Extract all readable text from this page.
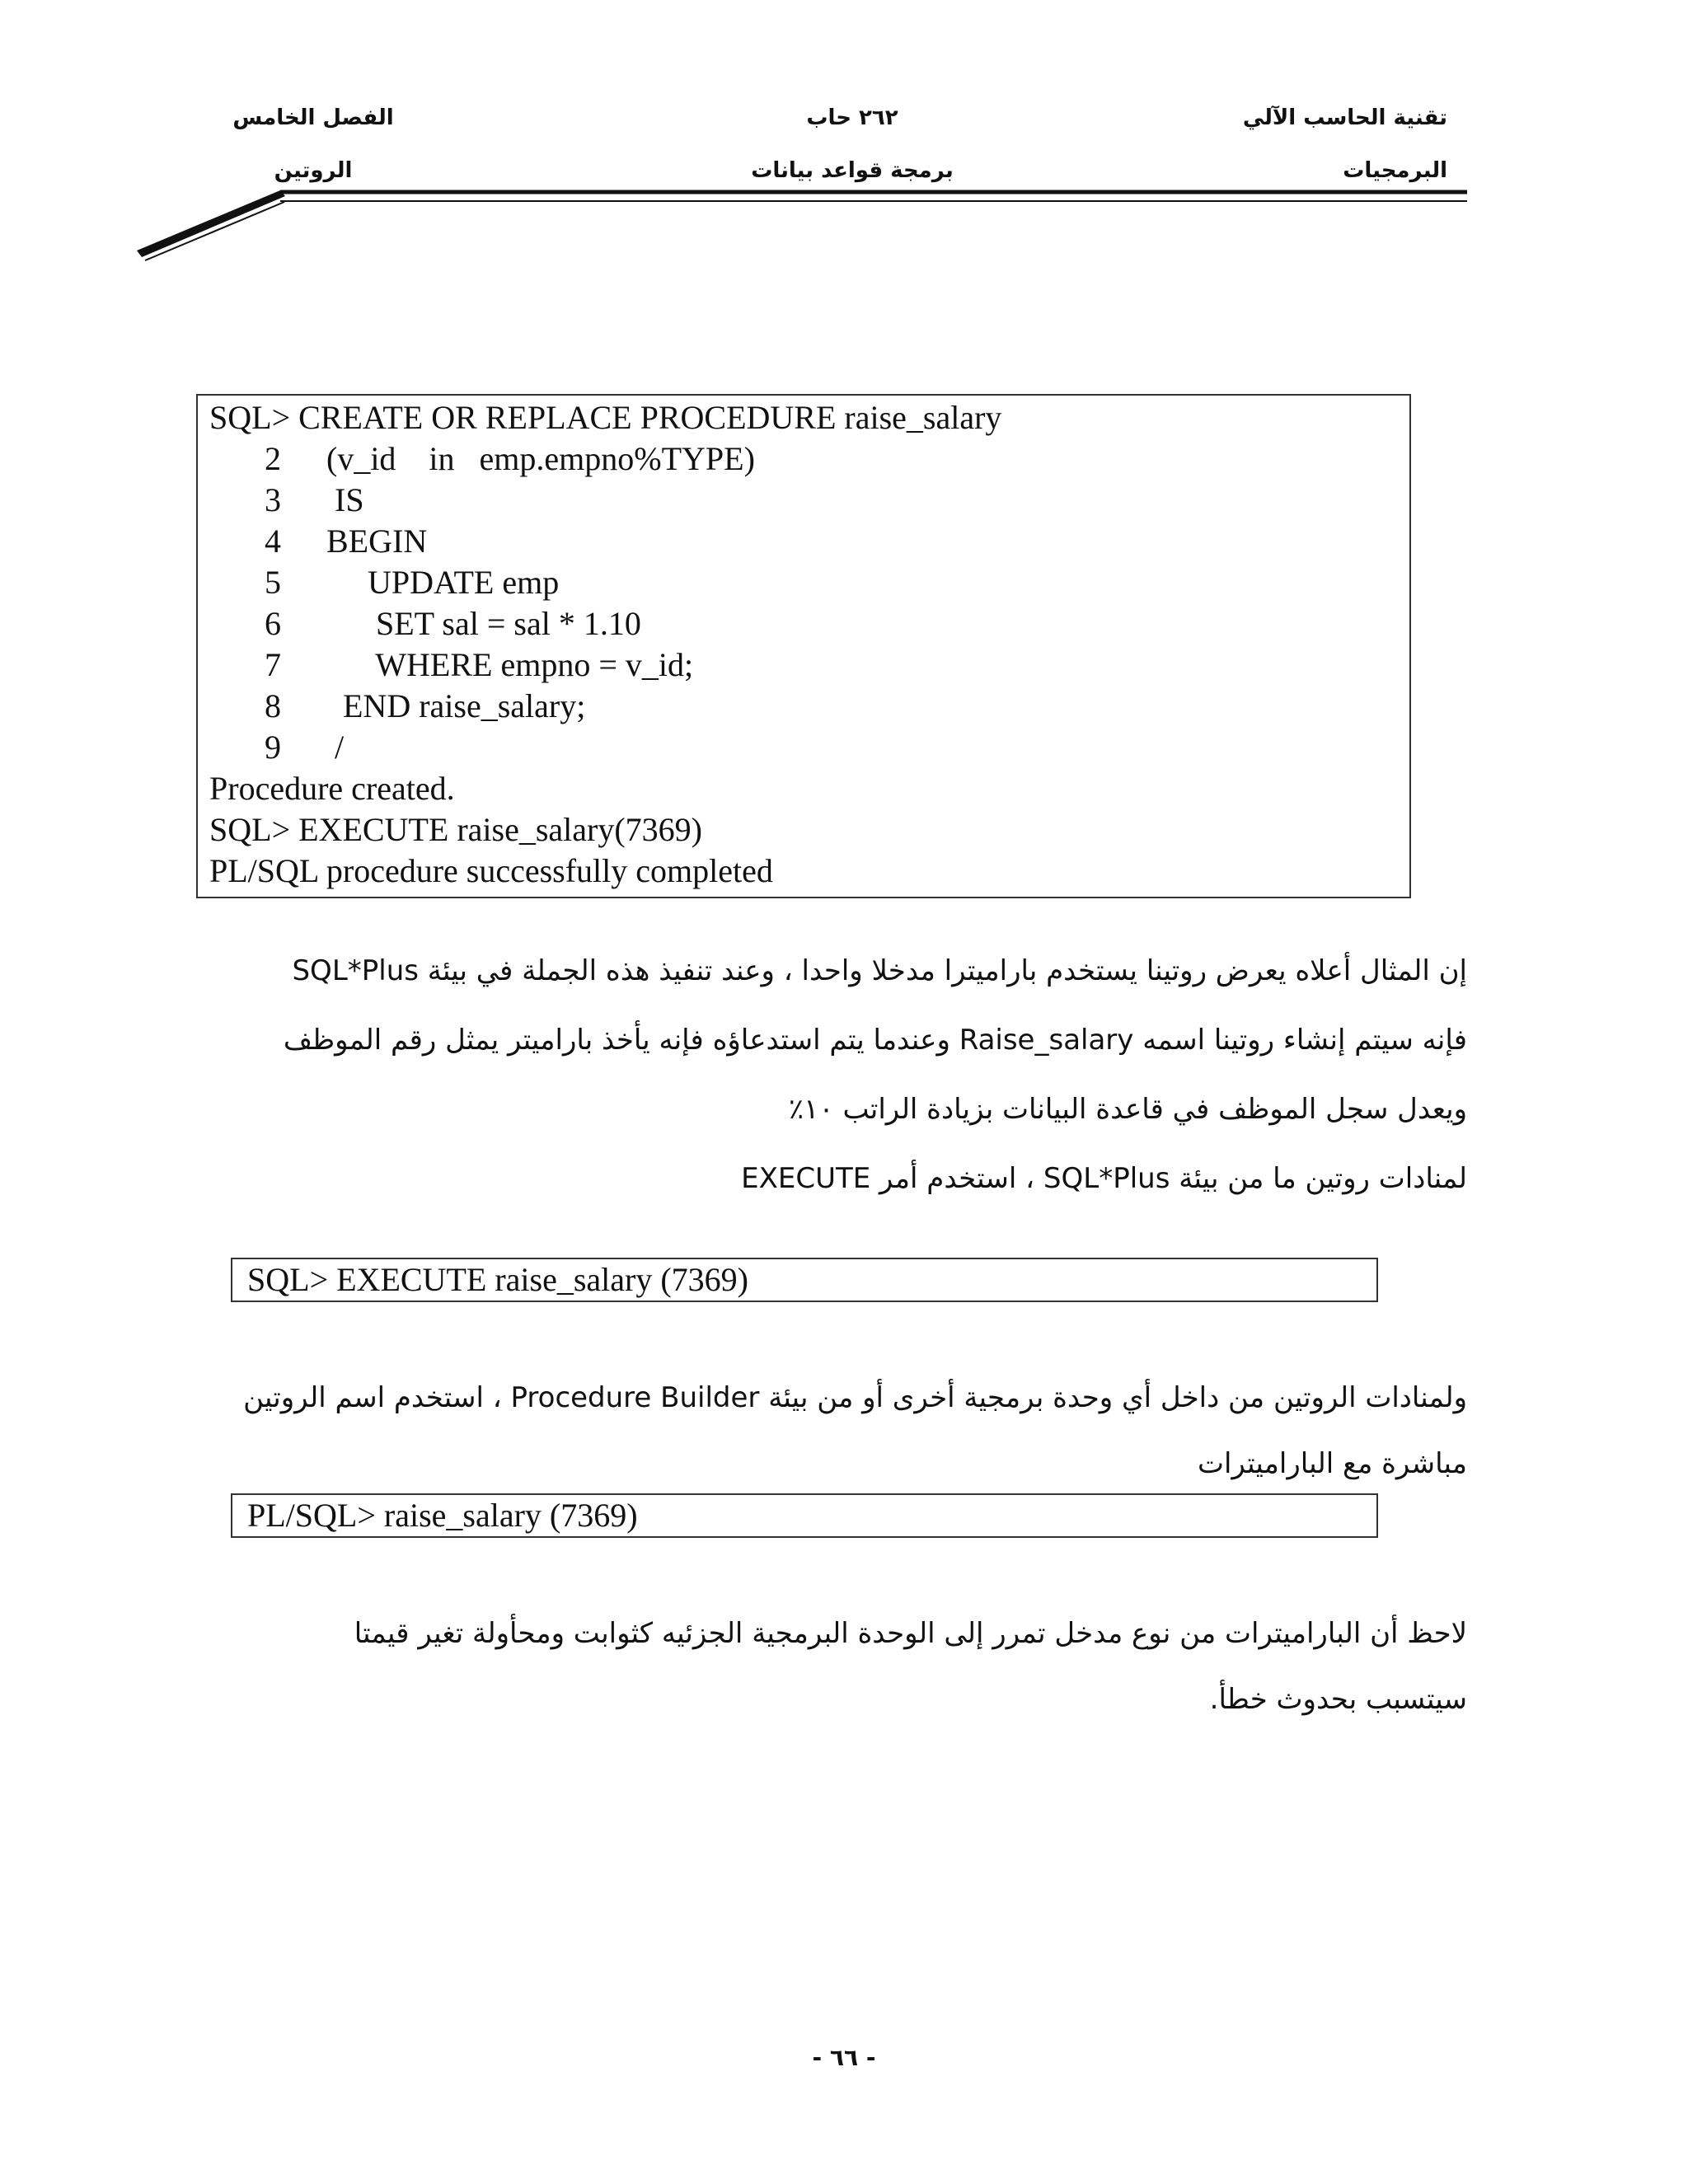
تقنية الحاسب الآلي
البرمجيات
٢٦٢ حاب
برمجة قواعد بيانات
الفصل الخامس
الروتين
SQL> CREATE OR REPLACE PROCEDURE raise_salary
2	(v_id    in   emp.empno%TYPE)
3	IS
4	BEGIN
5	UPDATE emp
6	SET sal = sal * 1.10
7	WHERE empno = v_id;
8	END raise_salary;
9	/
Procedure created.
SQL> EXECUTE raise_salary(7369)
PL/SQL procedure successfully completed
إن المثال أعلاه يعرض روتينا يستخدم باراميترا مدخلا واحدا ، وعند تنفيذ هذه الجملة في بيئة SQL*Plus
فإنه سيتم إنشاء روتينا اسمه Raise_salary وعندما يتم استدعاؤه فإنه يأخذ باراميتر يمثل رقم الموظف
ويعدل سجل الموظف في قاعدة البيانات بزيادة الراتب ١٠٪
لمنادات روتين ما من بيئة SQL*Plus ، استخدم أمر EXECUTE
SQL> EXECUTE raise_salary (7369)
ولمنادات الروتين من داخل أي وحدة برمجية أخرى أو من بيئة Procedure Builder ، استخدم اسم الروتين
مباشرة مع الباراميترات
PL/SQL> raise_salary (7369)
لاحظ أن الباراميترات من نوع مدخل تمرر إلى الوحدة البرمجية الجزئيه كثوابت ومحأولة تغير قيمتا
سيتسبب بحدوث خطأ.
- ٦٦ -
